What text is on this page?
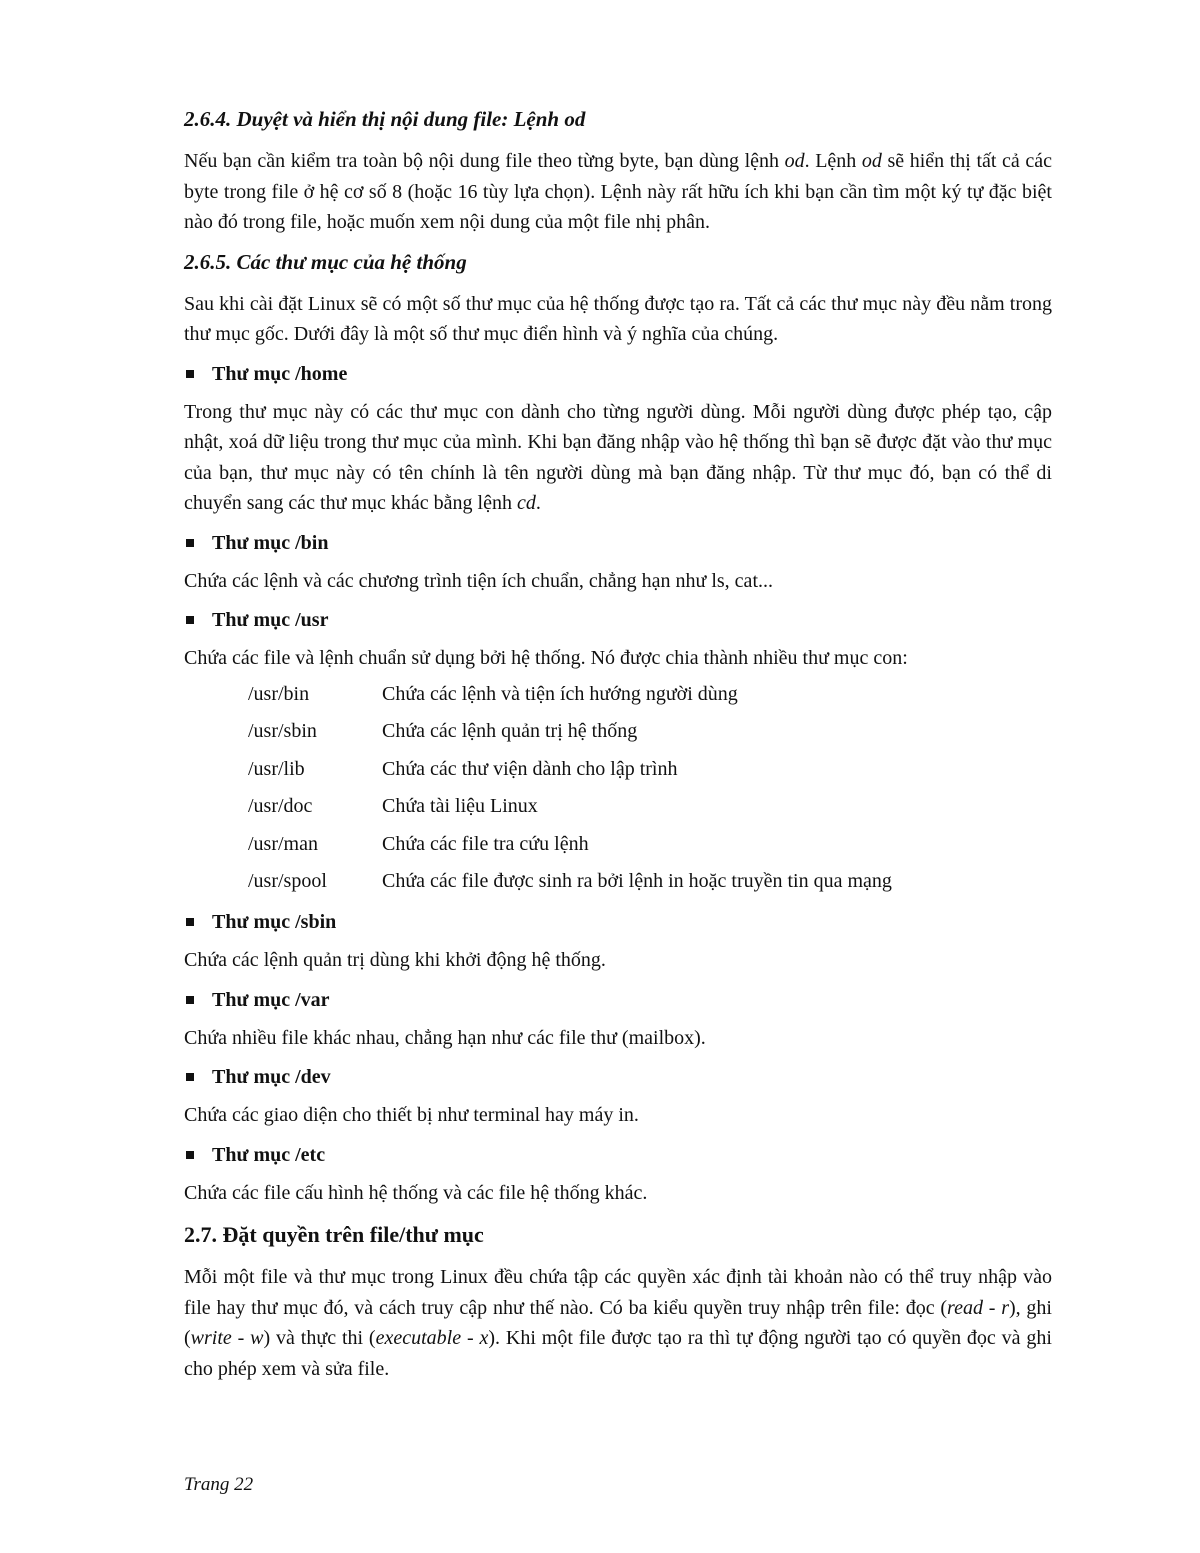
2.6.4. Duyệt và hiển thị nội dung file: Lệnh od

Nếu bạn cần kiểm tra toàn bộ nội dung file theo từng byte, bạn dùng lệnh od. Lệnh od sẽ hiển thị tất cả các byte trong file ở hệ cơ số 8 (hoặc 16 tùy lựa chọn). Lệnh này rất hữu ích khi bạn cần tìm một ký tự đặc biệt nào đó trong file, hoặc muốn xem nội dung của một file nhị phân.

2.6.5. Các thư mục của hệ thống

Sau khi cài đặt Linux sẽ có một số thư mục của hệ thống được tạo ra. Tất cả các thư mục này đều nằm trong thư mục gốc. Dưới đây là một số thư mục điển hình và ý nghĩa của chúng.

Thư mục /home

Trong thư mục này có các thư mục con dành cho từng người dùng. Mỗi người dùng được phép tạo, cập nhật, xoá dữ liệu trong thư mục của mình. Khi bạn đăng nhập vào hệ thống thì bạn sẽ được đặt vào thư mục của bạn, thư mục này có tên chính là tên người dùng mà bạn đăng nhập. Từ thư mục đó, bạn có thể di chuyển sang các thư mục khác bằng lệnh cd.

Thư mục /bin

Chứa các lệnh và các chương trình tiện ích chuẩn, chẳng hạn như ls, cat...

Thư mục /usr

Chứa các file và lệnh chuẩn sử dụng bởi hệ thống. Nó được chia thành nhiều thư mục con:

/usr/bin	Chứa các lệnh và tiện ích hướng người dùng
/usr/sbin	Chứa các lệnh quản trị hệ thống
/usr/lib	Chứa các thư viện dành cho lập trình
/usr/doc	Chứa tài liệu Linux
/usr/man	Chứa các file tra cứu lệnh
/usr/spool	Chứa các file được sinh ra bởi lệnh in hoặc truyền tin qua mạng
Thư mục /sbin

Chứa các lệnh quản trị dùng khi khởi động hệ thống.

Thư mục /var

Chứa nhiều file khác nhau, chẳng hạn như các file thư (mailbox).

Thư mục /dev

Chứa các giao diện cho thiết bị như terminal hay máy in.

Thư mục /etc

Chứa các file cấu hình hệ thống và các file hệ thống khác.

2.7. Đặt quyền trên file/thư mục

Mỗi một file và thư mục trong Linux đều chứa tập các quyền xác định tài khoản nào có thể truy nhập vào file hay thư mục đó, và cách truy cập như thế nào. Có ba kiểu quyền truy nhập trên file: đọc (read - r), ghi (write - w) và thực thi (executable - x). Khi một file được tạo ra thì tự động người tạo có quyền đọc và ghi cho phép xem và sửa file.

Trang 22
